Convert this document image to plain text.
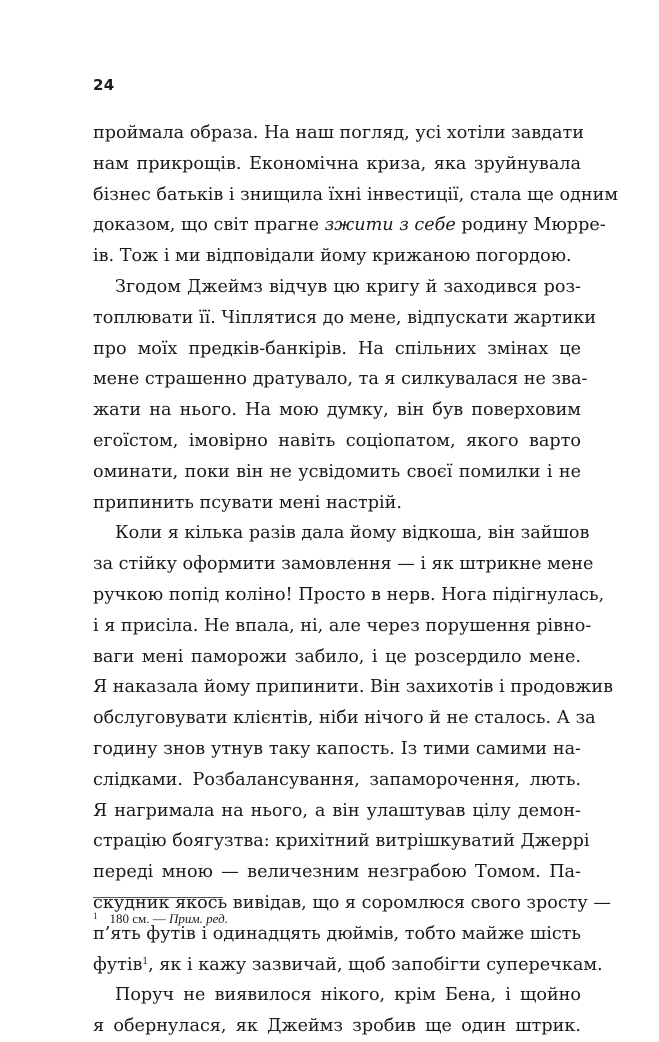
24
проймала образа. На наш погляд, усі хотіли завдати
нам прикрощів. Економічна криза, яка зруйнувала
бізнес батьків і знищила їхні інвестиції, стала ще одним
доказом, що світ прагне зжити з себе родину Мюрре-
ів. Тож і ми відповідали йому крижаною погордою.
Згодом Джеймз відчув цю кригу й заходився роз-
топлювати її. Чіплятися до мене, відпускати жартики
про моїх предків-банкірів. На спільних змінах це
мене страшенно дратувало, та я силкувалася не зва-
жати на нього. На мою думку, він був поверховим
егоїстом, імовірно навіть соціопатом, якого варто
оминати, поки він не усвідомить своєї помилки і не
припинить псувати мені настрій.
Коли я кілька разів дала йому відкоша, він зайшов
за стійку оформити замовлення — і як штрикне мене
ручкою попід коліно! Просто в нерв. Нога підігнулась,
і я присіла. Не впала, ні, але через порушення рівно-
ваги мені паморожи забило, і це розсердило мене.
Я наказала йому припинити. Він захихотів і продовжив
обслуговувати клієнтів, ніби нічого й не сталось. А за
годину знов утнув таку капость. Із тими самими на-
слідками. Розбалансування, запаморочення, лють.
Я нагримала на нього, а він улаштував цілу демон-
страцію боягузтва: крихітний витрішкуватий Джеррі
переді мною — величезним незграбою Томом. Па-
скудник якось вивідав, що я соромлюся свого зросту —
п’ять футів і одинадцять дюймів, тобто майже шість
футів$^1$, як і кажу зазвичай, щоб запобігти суперечкам.
Поруч не виявилося нікого, крім Бена, і щойно
я обернулася, як Джеймз зробив ще один штрик.
$^1$ 180 см. — Прим. ред.
